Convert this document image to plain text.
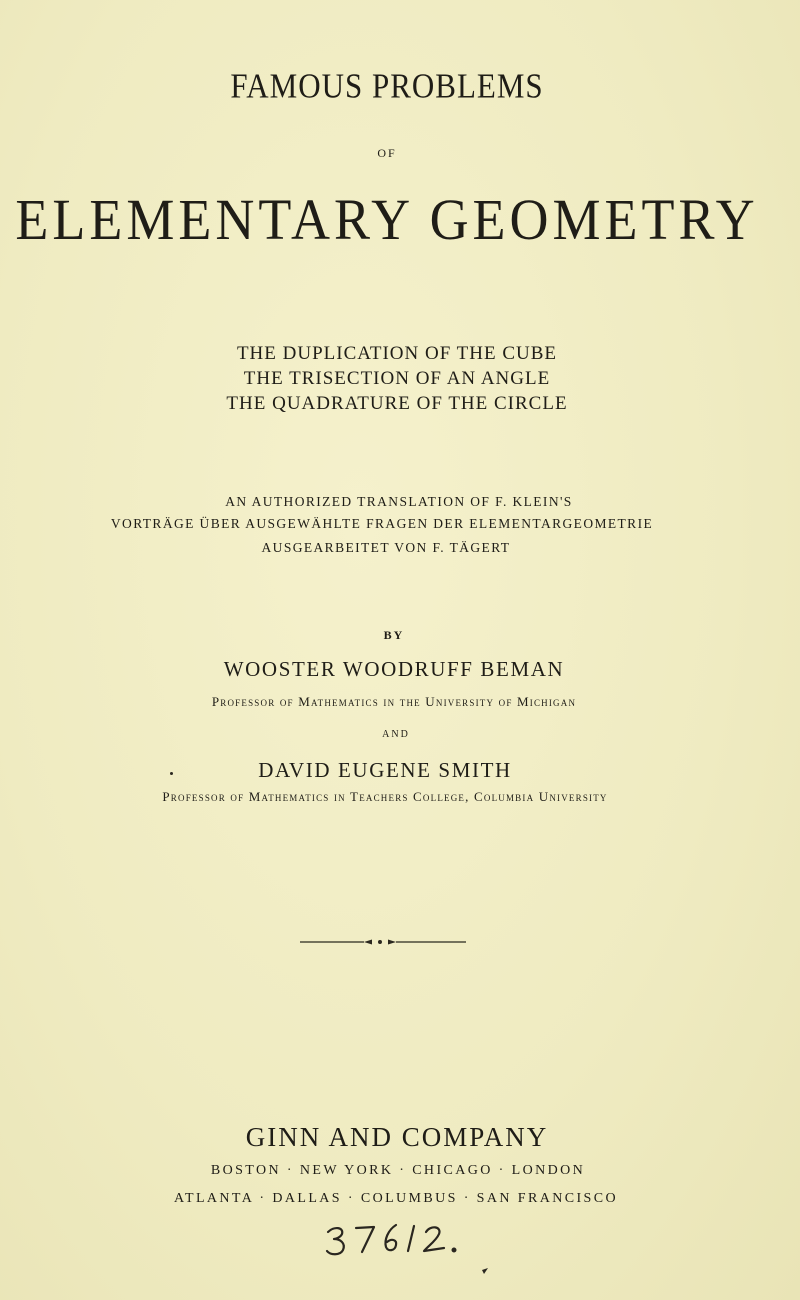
FAMOUS PROBLEMS

OF

ELEMENTARY GEOMETRY

THE DUPLICATION OF THE CUBE

THE TRISECTION OF AN ANGLE

THE QUADRATURE OF THE CIRCLE

AN AUTHORIZED TRANSLATION OF F. KLEIN'S

VORTRÄGE ÜBER AUSGEWÄHLTE FRAGEN DER ELEMENTARGEOMETRIE

AUSGEARBEITET VON F. TÄGERT

BY

WOOSTER WOODRUFF BEMAN

Professor of Mathematics in the University of Michigan

AND

DAVID EUGENE SMITH

Professor of Mathematics in Teachers College, Columbia University

GINN AND COMPANY

BOSTON · NEW YORK · CHICAGO · LONDON

ATLANTA · DALLAS · COLUMBUS · SAN FRANCISCO
